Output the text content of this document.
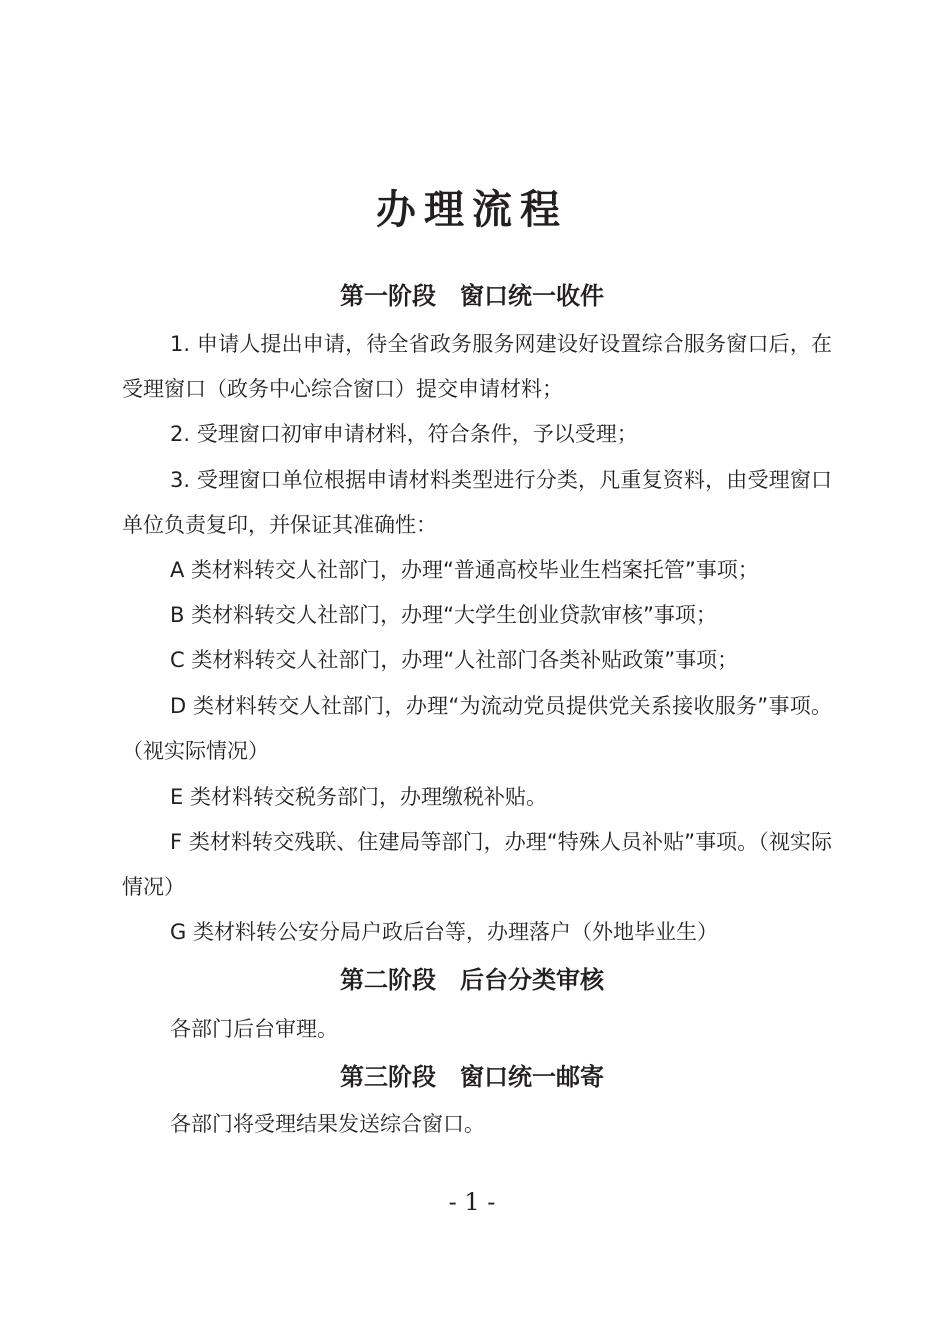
办理流程
第一阶段　窗口统一收件
1. 申请人提出申请，待全省政务服务网建设好设置综合服务窗口后，在受理窗口（政务中心综合窗口）提交申请材料；
2. 受理窗口初审申请材料，符合条件，予以受理；
3. 受理窗口单位根据申请材料类型进行分类，凡重复资料，由受理窗口单位负责复印，并保证其准确性：
A 类材料转交人社部门，办理“普通高校毕业生档案托管”事项；
B 类材料转交人社部门，办理“大学生创业贷款审核”事项；
C 类材料转交人社部门，办理“人社部门各类补贴政策”事项；
D 类材料转交人社部门，办理“为流动党员提供党关系接收服务”事项。（视实际情况）
E 类材料转交税务部门，办理缴税补贴。
F 类材料转交残联、住建局等部门，办理“特殊人员补贴”事项。（视实际情况）
G 类材料转公安分局户政后台等，办理落户（外地毕业生）
第二阶段　后台分类审核
各部门后台审理。
第三阶段　窗口统一邮寄
各部门将受理结果发送综合窗口。
- 1 -
